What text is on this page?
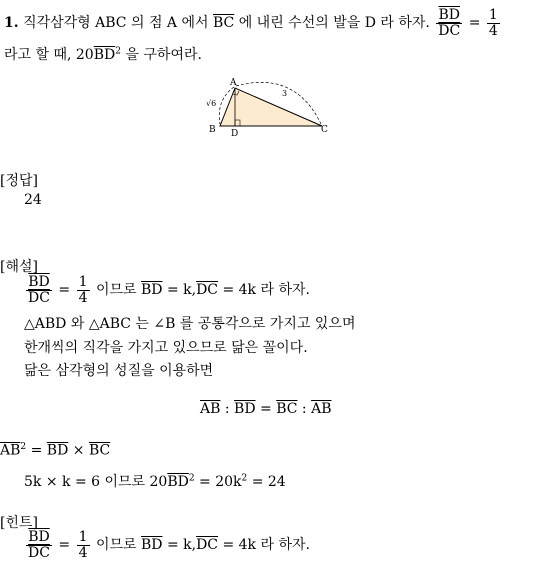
1. 직각삼각형 ABC 의 점 A 에서 $\overline{BC}$ 에 내린 수선의 발을 D 라 하자. $\frac{\overline{BD}}{DC} = \frac{1}{4}$
라고 할 때, $20\overline{BD}^2$ 을 구하여라.
A
B	C
D
√6
3
[정답]
24
[해설]
$\frac{\overline{BD}}{DC} = \frac{1}{4}$ 이므로 $\overline{BD} = k,\overline{DC} = 4k$ 라 하자.
△ABD 와 △ABC 는 ∠B 를 공통각으로 가지고 있으며
한개씩의 직각을 가지고 있으므로 닮은 꼴이다.
닮은 삼각형의 성질을 이용하면
$\overline{AB}$ : $\overline{BD} = \overline{BC}$ : $\overline{AB}$
$\overline{AB}^2 = \overline{BD} \times \overline{BC}$
5k × k = 6 이므로 $20\overline{BD}^2 = 20k^2 = 24$
[힌트]
$\frac{\overline{BD}}{DC} = \frac{1}{4}$ 이므로 $\overline{BD} = k,\overline{DC} = 4k$ 라 하자.
